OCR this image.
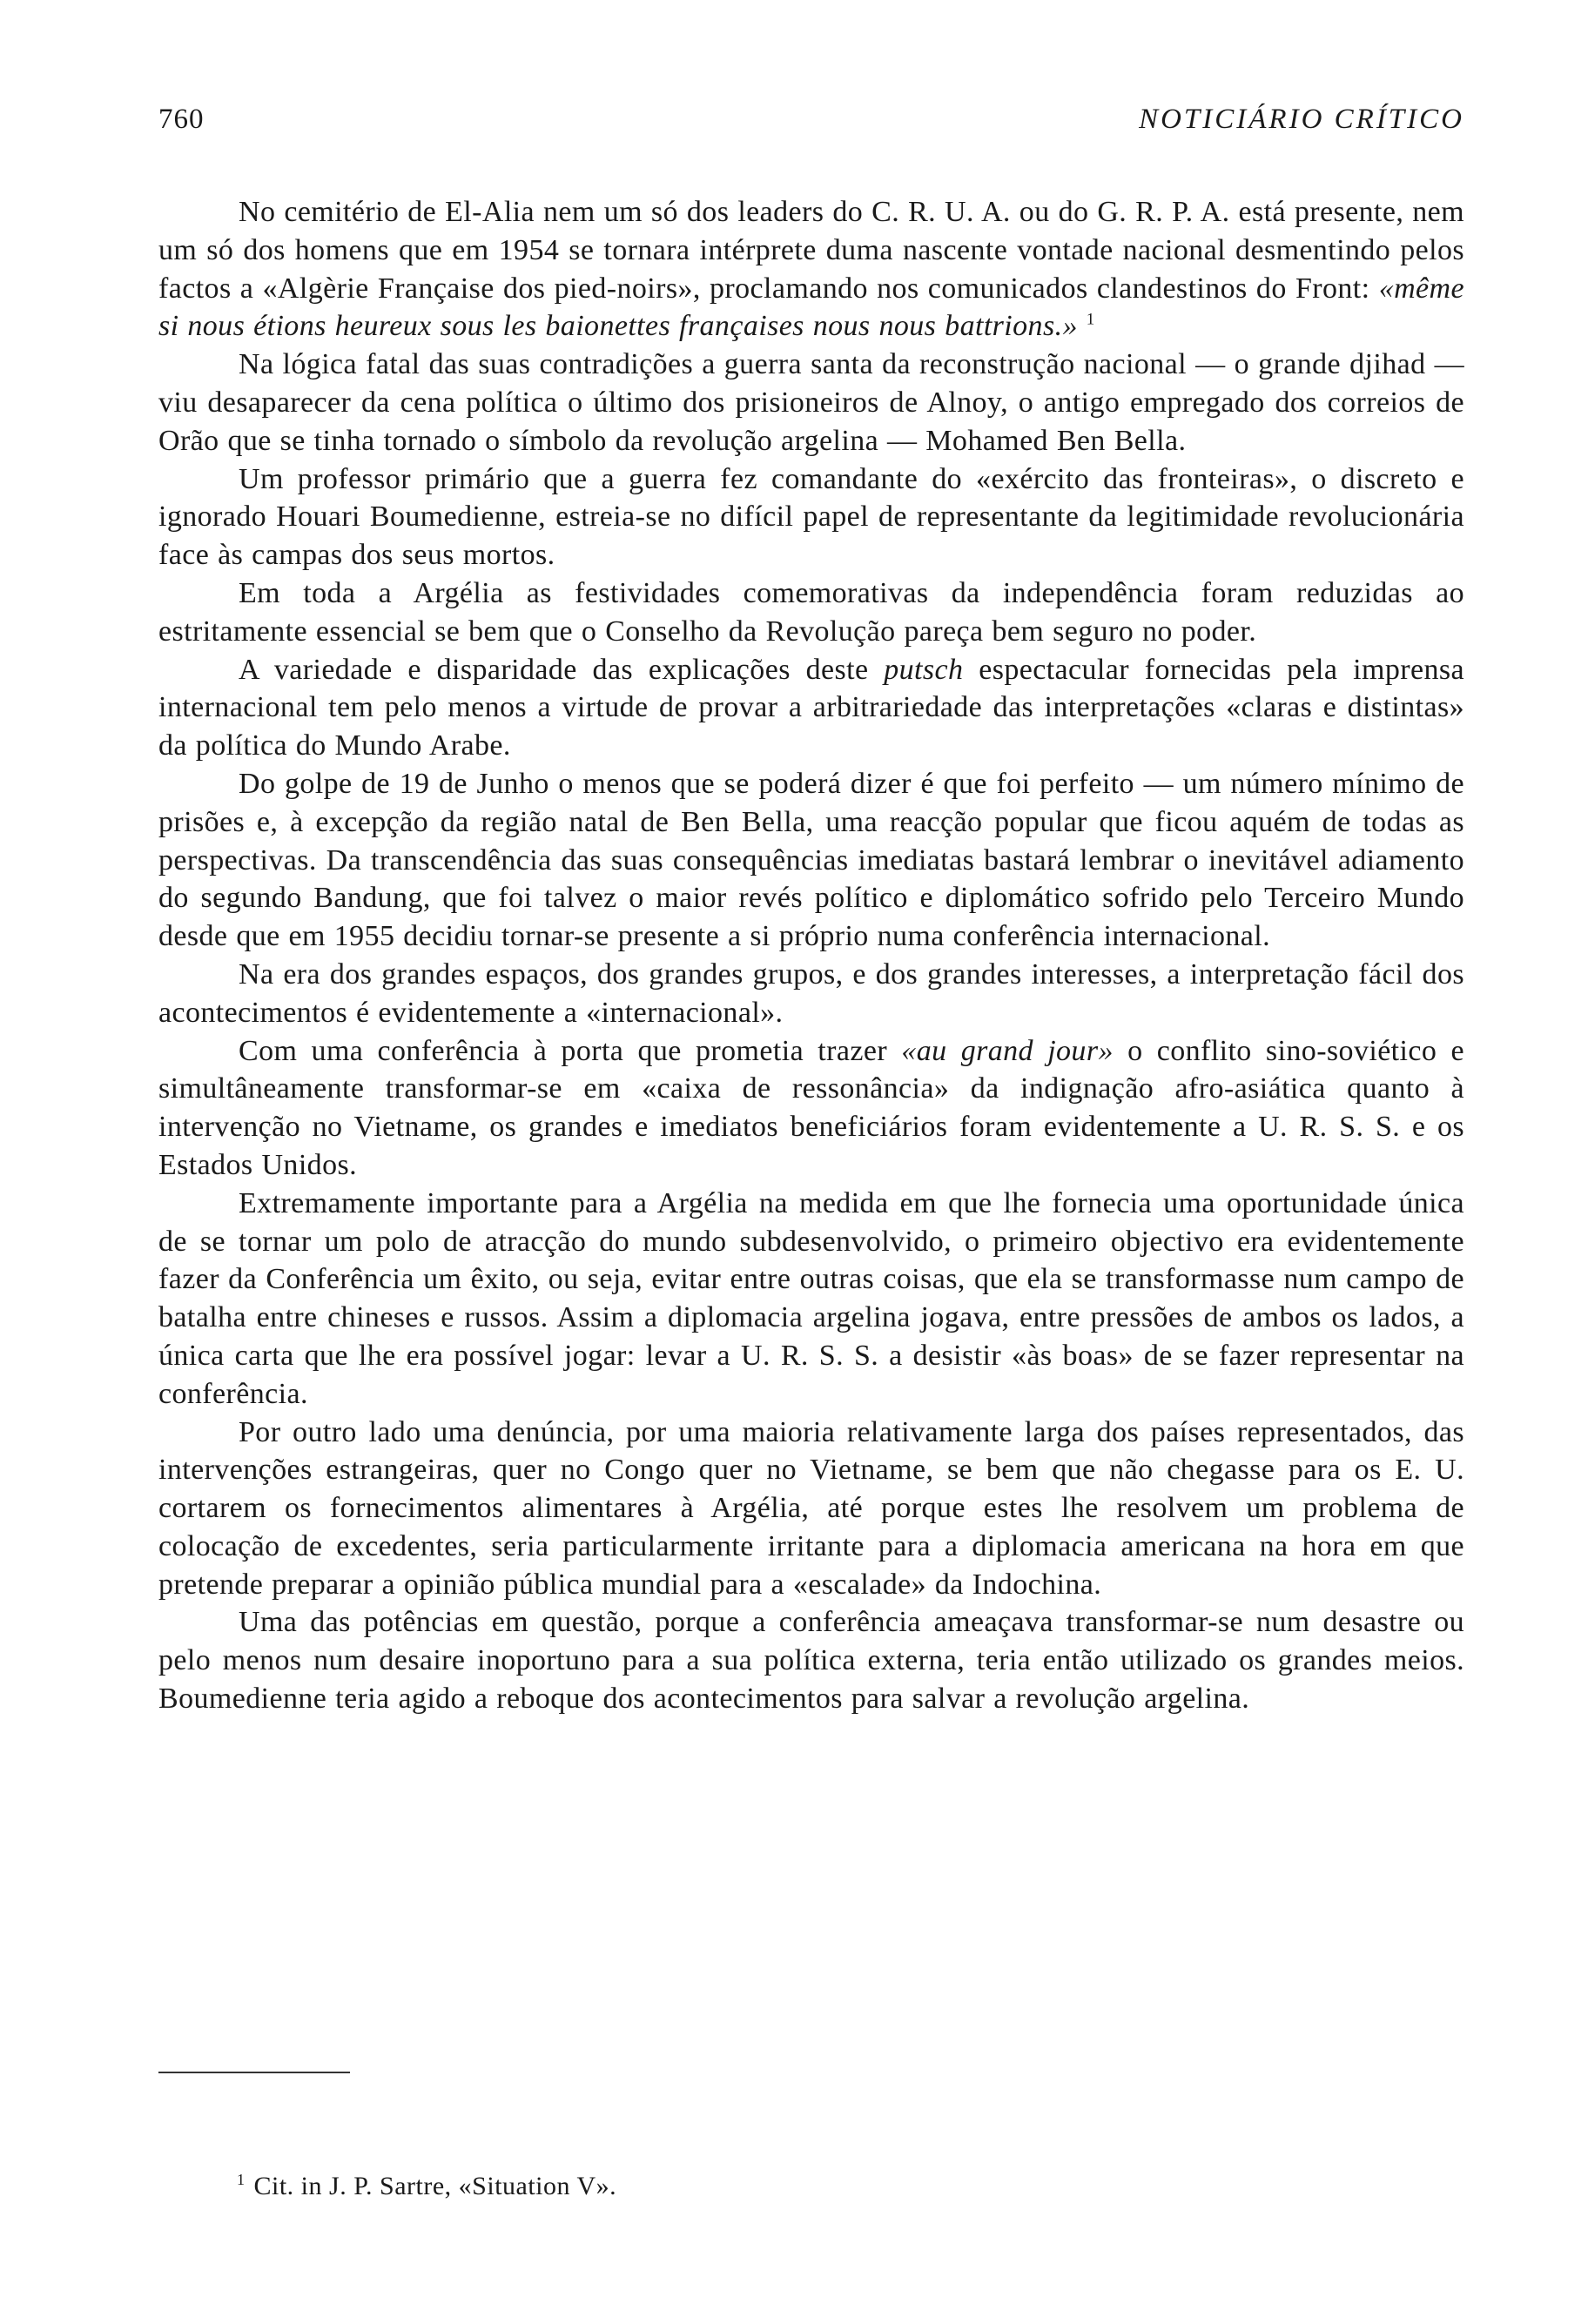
760	NOTICIÁRIO CRÍTICO

No cemitério de El-Alia nem um só dos leaders do C. R. U. A. ou do G. R. P. A. está presente, nem um só dos homens que em 1954 se tornara intérprete duma nascente vontade nacional desmentindo pelos factos a «Algèrie Française dos pied-noirs», proclamando nos comunicados clandestinos do Front: «même si nous étions heureux sous les baionettes françaises nous nous battrions.» $^1$

Na lógica fatal das suas contradições a guerra santa da reconstrução nacional — o grande djihad — viu desaparecer da cena política o último dos prisioneiros de Alnoy, o antigo empregado dos correios de Orão que se tinha tornado o símbolo da revolução argelina — Mohamed Ben Bella.

Um professor primário que a guerra fez comandante do «exército das fronteiras», o discreto e ignorado Houari Boumedienne, estreia-se no difícil papel de representante da legitimidade revolucionária face às campas dos seus mortos.

Em toda a Argélia as festividades comemorativas da independência foram reduzidas ao estritamente essencial se bem que o Conselho da Revolução pareça bem seguro no poder.

A variedade e disparidade das explicações deste putsch espectacular fornecidas pela imprensa internacional tem pelo menos a virtude de provar a arbitrariedade das interpretações «claras e distintas» da política do Mundo Arabe.

Do golpe de 19 de Junho o menos que se poderá dizer é que foi perfeito — um número mínimo de prisões e, à excepção da região natal de Ben Bella, uma reacção popular que ficou aquém de todas as perspectivas. Da transcendência das suas consequências imediatas bastará lembrar o inevitável adiamento do segundo Bandung, que foi talvez o maior revés político e diplomático sofrido pelo Terceiro Mundo desde que em 1955 decidiu tornar-se presente a si próprio numa conferência internacional.

Na era dos grandes espaços, dos grandes grupos, e dos grandes interesses, a interpretação fácil dos acontecimentos é evidentemente a «internacional».

Com uma conferência à porta que prometia trazer «au grand jour» o conflito sino-soviético e simultâneamente transformar-se em «caixa de ressonância» da indignação afro-asiática quanto à intervenção no Vietname, os grandes e imediatos beneficiários foram evidentemente a U. R. S. S. e os Estados Unidos.

Extremamente importante para a Argélia na medida em que lhe fornecia uma oportunidade única de se tornar um polo de atracção do mundo subdesenvolvido, o primeiro objectivo era evidentemente fazer da Conferência um êxito, ou seja, evitar entre outras coisas, que ela se transformasse num campo de batalha entre chineses e russos. Assim a diplomacia argelina jogava, entre pressões de ambos os lados, a única carta que lhe era possível jogar: levar a U. R. S. S. a desistir «às boas» de se fazer representar na conferência.

Por outro lado uma denúncia, por uma maioria relativamente larga dos países representados, das intervenções estrangeiras, quer no Congo quer no Vietname, se bem que não chegasse para os E. U. cortarem os fornecimentos alimentares à Argélia, até porque estes lhe resolvem um problema de colocação de excedentes, seria particularmente irritante para a diplomacia americana na hora em que pretende preparar a opinião pública mundial para a «escalade» da Indochina.

Uma das potências em questão, porque a conferência ameaçava transformar-se num desastre ou pelo menos num desaire inoportuno para a sua política externa, teria então utilizado os grandes meios. Boumedienne teria agido a reboque dos acontecimentos para salvar a revolução argelina.

$^1$ Cit. in J. P. Sartre, «Situation V».
